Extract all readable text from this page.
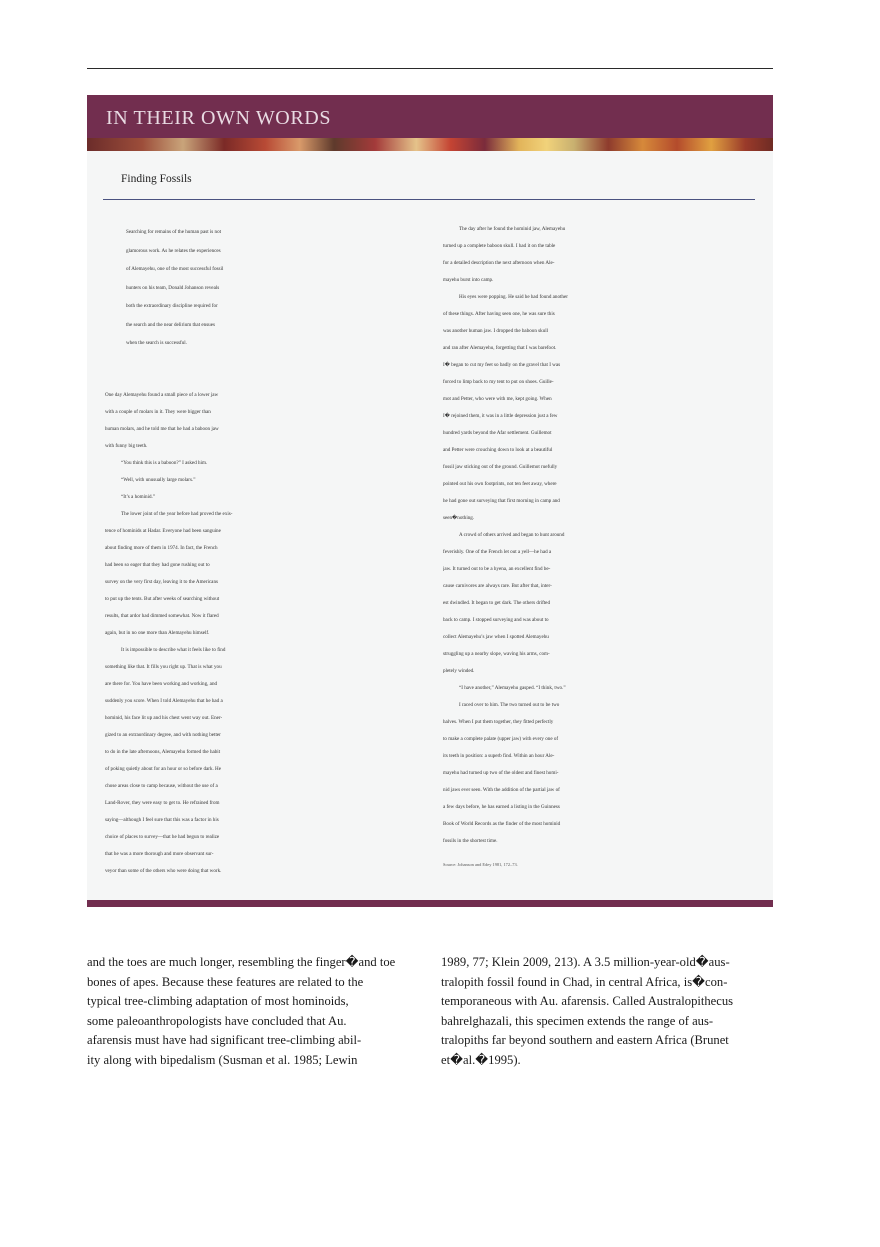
IN THEIR OWN WORDS
Finding Fossils

Searching for remains of the human past is not

glamorous work. As he relates the experiences

of Alemayehu, one of the most successful fossil

hunters on his team, Donald Johanson reveals

both the extraordinary discipline required for

the search and the near delirium that ensues

when the search is successful.

One day Alemayehu found a small piece of a lower jaw

with a couple of molars in it. They were bigger than

human molars, and he told me that he had a baboon jaw

with funny big teeth.

“You think this is a baboon?” I asked him.

“Well, with unusually large molars.”

“It’s a hominid.”

The lower joint of the year before had proved the exis-

tence of hominids at Hadar. Everyone had been sanguine

about finding more of them in 1974. In fact, the French

had been so eager that they had gone rushing out to

survey on the very first day, leaving it to the Americans

to put up the tents. But after weeks of searching without

results, that ardor had dimmed somewhat. Now it flared

again, but in no one more than Alemayehu himself.

It is impossible to describe what it feels like to find

something like that. It fills you right up. That is what you

are there for. You have been working and working, and

suddenly you score. When I told Alemayehu that he had a

hominid, his face lit up and his chest went way out. Ener-

gized to an extraordinary degree, and with nothing better

to do in the late afternoons, Alemayehu formed the habit

of poking quietly about for an hour or so before dark. He

chose areas close to camp because, without the use of a

Land-Rover, they were easy to get to. He refrained from

saying—although I feel sure that this was a factor in his

choice of places to survey—that he had begun to realize

that he was a more thorough and more observant sur-

veyor than some of the others who were doing that work.

The day after he found the hominid jaw, Alemayehu

turned up a complete baboon skull. I had it on the table

for a detailed description the next afternoon when Ale-

mayehu burst into camp.

His eyes were popping. He said he had found another

of these things. After having seen one, he was sure this

was another human jaw. I dropped the baboon skull

and ran after Alemayehu, forgetting that I was barefoot.

I� began to cut my feet so badly on the gravel that I was

forced to limp back to my tent to put on shoes. Guille-

mot and Petter, who were with me, kept going. When

I� rejoined them, it was in a little depression just a few

hundred yards beyond the Afar settlement. Guillemot

and Petter were crouching down to look at a beautiful

fossil jaw sticking out of the ground. Guillemot ruefully

pointed out his own footprints, not ten feet away, where

he had gone out surveying that first morning in camp and

seen�nothing.

A crowd of others arrived and began to hunt around

feverishly. One of the French let out a yell—he had a

jaw. It turned out to be a hyena, an excellent find be-

cause carnivores are always rare. But after that, inter-

est dwindled. It began to get dark. The others drifted

back to camp. I stopped surveying and was about to

collect Alemayehu’s jaw when I spotted Alemayehu

struggling up a nearby slope, waving his arms, com-

pletely winded.

“I have another,” Alemayehu gasped. “I think, two.”

I raced over to him. The two turned out to be two

halves. When I put them together, they fitted perfectly

to make a complete palate (upper jaw) with every one of

its teeth in position: a superb find. Within an hour Ale-

mayehu had turned up two of the oldest and finest homi-

nid jaws ever seen. With the addition of the partial jaw of

a few days before, he has earned a listing in the Guinness

Book of World Records as the finder of the most hominid

fossils in the shortest time.

Source: Johanson and Edey 1981, 172–73.

and the toes are much longer, resembling the finger�and toe

bones of apes. Because these features are related to the

typical tree-climbing adaptation of most hominoids,

some paleoanthropologists have concluded that Au.

afarensis must have had significant tree-climbing abil-

ity along with bipedalism (Susman et al. 1985; Lewin

1989, 77; Klein 2009, 213). A 3.5 million-year-old�aus-

tralopith fossil found in Chad, in central Africa, is�con-

temporaneous with Au. afarensis. Called Australopithecus

bahrelghazali, this specimen extends the range of aus-

tralopiths far beyond southern and eastern Africa (Brunet

et�al.�1995).
